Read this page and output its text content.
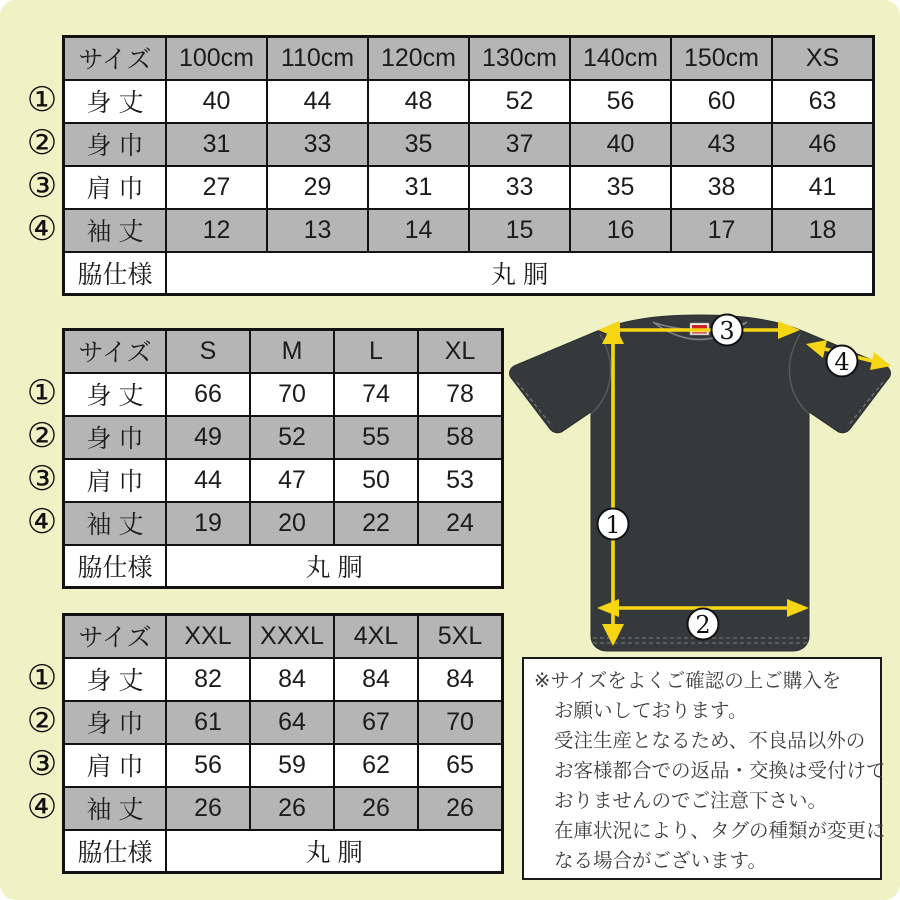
①
②
③
④
サイズ	100cm	110cm	120cm	130cm	140cm	150cm	XS
身 丈	40	44	48	52	56	60	63
身 巾	31	33	35	37	40	43	46
肩 巾	27	29	31	33	35	38	41
袖 丈	12	13	14	15	16	17	18
脇仕様	丸 胴						
①
②
③
④
サイズ	S	M	L	XL
身 丈	66	70	74	78
身 巾	49	52	55	58
肩 巾	44	47	50	53
袖 丈	19	20	22	24
脇仕様	丸 胴			
①
②
③
④
サイズ	XXL	XXXL	4XL	5XL
身 丈	82	84	84	84
身 巾	61	64	67	70
肩 巾	56	59	62	65
袖 丈	26	26	26	26
脇仕様	丸 胴			
3
4
1
2
※サイズをよくご確認の上ご購入を
お願いしております。
受注生産となるため、不良品以外の
お客様都合での返品・交換は受付けて
おりませんのでご注意下さい。
在庫状況により、タグの種類が変更に
なる場合がございます。
